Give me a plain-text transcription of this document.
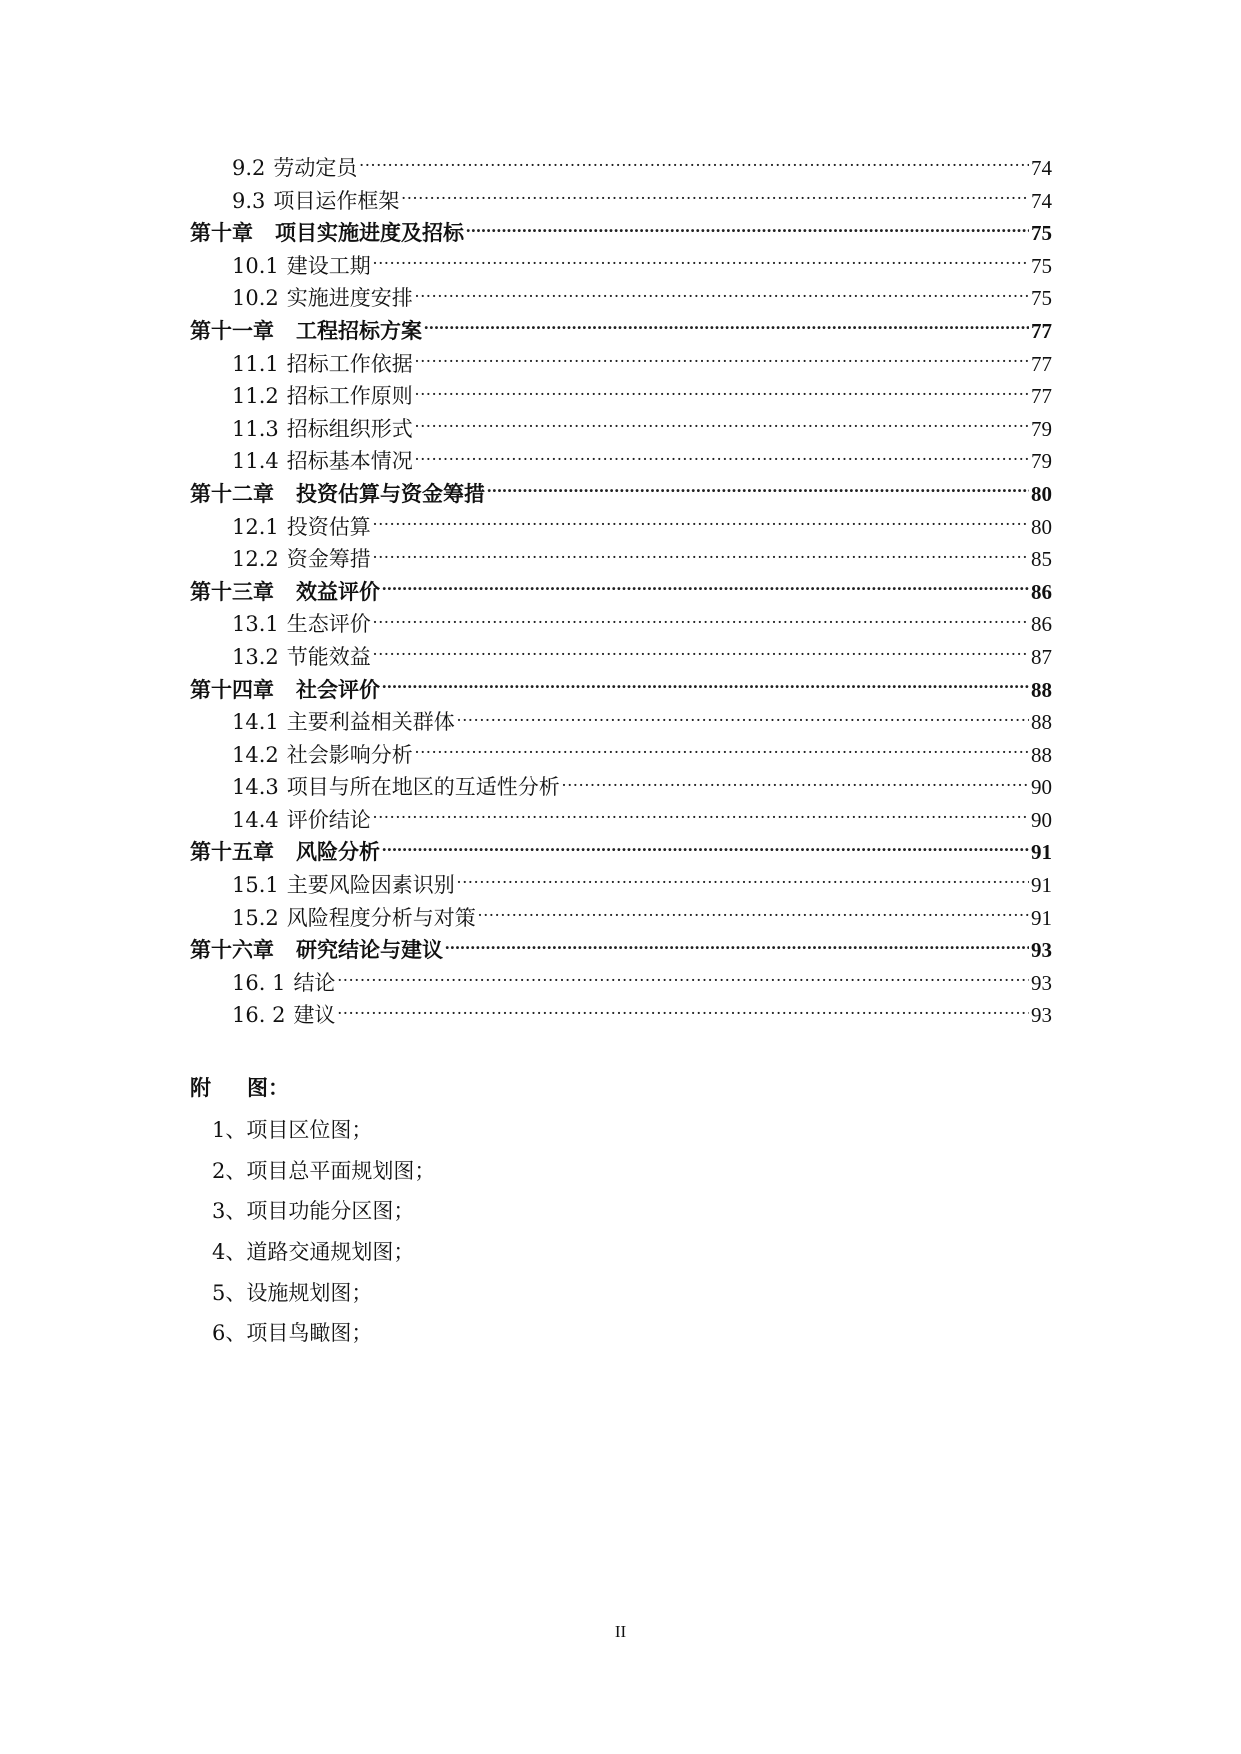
9.2 劳动定员 .....	74
9.3 项目运作框架 .....	74
第十章 项目实施进度及招标 .....	75
10.1 建设工期 .....	75
10.2 实施进度安排 .....	75
第十一章 工程招标方案 .....	77
11.1 招标工作依据 .....	77
11.2 招标工作原则 .....	77
11.3 招标组织形式 .....	79
11.4 招标基本情况 .....	79
第十二章 投资估算与资金筹措 .....	80
12.1 投资估算 .....	80
12.2 资金筹措 .....	85
第十三章 效益评价 .....	86
13.1 生态评价 .....	86
13.2 节能效益 .....	87
第十四章 社会评价 .....	88
14.1 主要利益相关群体 .....	88
14.2 社会影响分析 .....	88
14.3 项目与所在地区的互适性分析 .....	90
14.4 评价结论 .....	90
第十五章 风险分析 .....	91
15.1 主要风险因素识别 .....	91
15.2 风险程度分析与对策 .....	91
第十六章 研究结论与建议 .....	93
16. 1 结论 .....	93
16. 2 建议 .....	93
附 图：
1、项目区位图；
2、项目总平面规划图；
3、项目功能分区图；
4、道路交通规划图；
5、设施规划图；
6、项目鸟瞰图；
II
